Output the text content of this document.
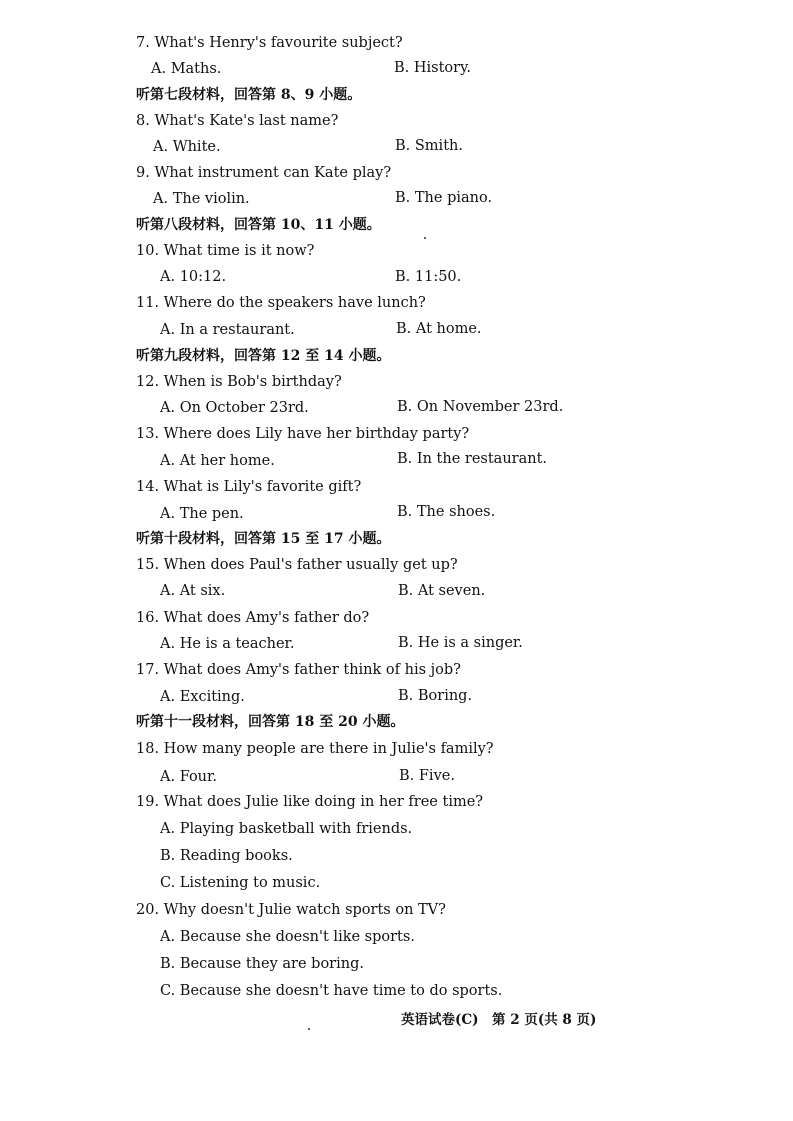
7. What's Henry's favourite subject?
A. Maths.	B. History.
听第七段材料，回答第 8、9 小题。
8. What's Kate's last name?
A. White.	B. Smith.
9. What instrument can Kate play?
A. The violin.	B. The piano.
听第八段材料，回答第 10、11 小题。
10. What time is it now?
A. 10:12.	B. 11:50.
11. Where do the speakers have lunch?
A. In a restaurant.	B. At home.
听第九段材料，回答第 12 至 14 小题。
12. When is Bob's birthday?
A. On October 23rd.	B. On November 23rd.
13. Where does Lily have her birthday party?
A. At her home.	B. In the restaurant.
14. What is Lily's favorite gift?
A. The pen.	B. The shoes.
听第十段材料，回答第 15 至 17 小题。
15. When does Paul's father usually get up?
A. At six.	B. At seven.
16. What does Amy's father do?
A. He is a teacher.	B. He is a singer.
17. What does Amy's father think of his job?
A. Exciting.	B. Boring.
听第十一段材料，回答第 18 至 20 小题。
18. How many people are there in Julie's family?
A. Four.	B. Five.
19. What does Julie like doing in her free time?
A. Playing basketball with friends.
B. Reading books.
C. Listening to music.
20. Why doesn't Julie watch sports on TV?
A. Because she doesn't like sports.
B. Because they are boring.
C. Because she doesn't have time to do sports.
英语试卷(C)　第 2 页(共 8 页)
